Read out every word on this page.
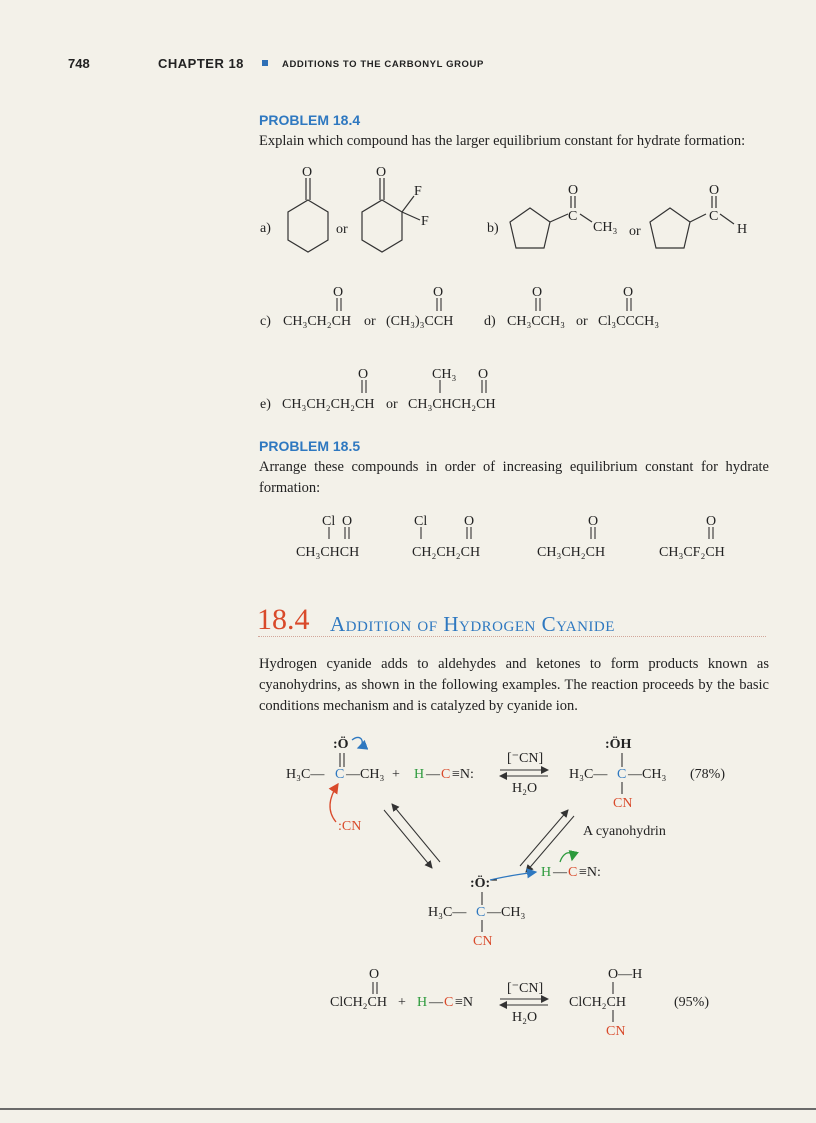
748	CHAPTER 18	ADDITIONS TO THE CARBONYL GROUP
PROBLEM 18.4
Explain which compound has the larger equilibrium constant for hydrate formation:
PROBLEM 18.5
Arrange these compounds in order of increasing equilibrium constant for hydrate formation:
18.4 Addition of Hydrogen Cyanide
Hydrogen cyanide adds to aldehydes and ketones to form products known as cyanohydrins, as shown in the following examples. The reaction proceeds by the basic conditions mechanism and is catalyzed by cyanide ion.
a)
O
or
O
F
F	b)
O
C
CH₃ or
O
C
H
c)
O	O	O	O
CH₃CH₂CH or (CH₃)₃CCH d) CH₃CCH₃ or Cl₃CCCH₃
O	O
CH₃
e) CH₃CH₂CH₂CH or CH₃CHCH₂CH
Cl O	Cl	O	O	O
CH₃CHCH	CH₂CH₂CH	CH₃CH₂CH	CH₃CF₂CH
:Ö
H₃C— C —CH₃ + H — C ≡N:
[⁻CN]
H₂O
:ÖH
H₃C— C —CH₃
CN
(78%)
A cyanohydrin
:CN
:Ö:⁻
H — C ≡N:
H₃C— C —CH₃
CN
O
ClCH₂CH + H — C ≡N
[⁻CN]
H₂O
O—H
ClCH₂CH
CN
(95%)
